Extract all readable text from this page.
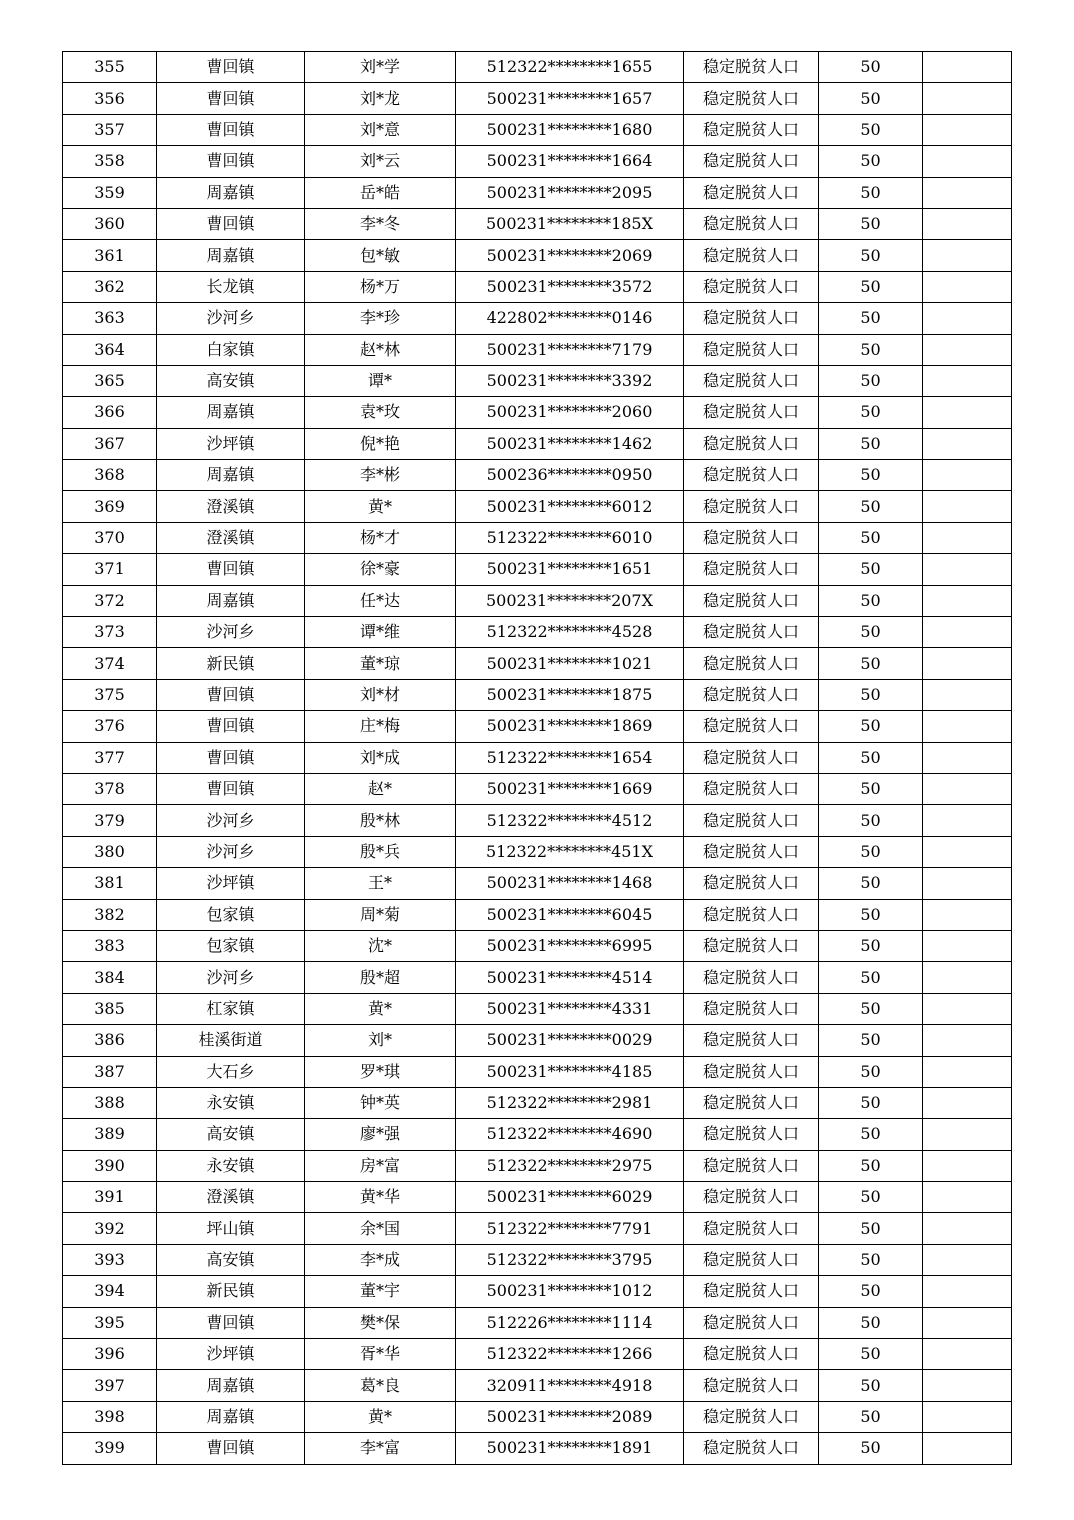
355	曹回镇	刘*学	512322********1655	稳定脱贫人口	50	
356	曹回镇	刘*龙	500231********1657	稳定脱贫人口	50	
357	曹回镇	刘*意	500231********1680	稳定脱贫人口	50	
358	曹回镇	刘*云	500231********1664	稳定脱贫人口	50	
359	周嘉镇	岳*皓	500231********2095	稳定脱贫人口	50	
360	曹回镇	李*冬	500231********185X	稳定脱贫人口	50	
361	周嘉镇	包*敏	500231********2069	稳定脱贫人口	50	
362	长龙镇	杨*万	500231********3572	稳定脱贫人口	50	
363	沙河乡	李*珍	422802********0146	稳定脱贫人口	50	
364	白家镇	赵*林	500231********7179	稳定脱贫人口	50	
365	高安镇	谭*	500231********3392	稳定脱贫人口	50	
366	周嘉镇	袁*玫	500231********2060	稳定脱贫人口	50	
367	沙坪镇	倪*艳	500231********1462	稳定脱贫人口	50	
368	周嘉镇	李*彬	500236********0950	稳定脱贫人口	50	
369	澄溪镇	黄*	500231********6012	稳定脱贫人口	50	
370	澄溪镇	杨*才	512322********6010	稳定脱贫人口	50	
371	曹回镇	徐*豪	500231********1651	稳定脱贫人口	50	
372	周嘉镇	任*达	500231********207X	稳定脱贫人口	50	
373	沙河乡	谭*维	512322********4528	稳定脱贫人口	50	
374	新民镇	董*琼	500231********1021	稳定脱贫人口	50	
375	曹回镇	刘*材	500231********1875	稳定脱贫人口	50	
376	曹回镇	庄*梅	500231********1869	稳定脱贫人口	50	
377	曹回镇	刘*成	512322********1654	稳定脱贫人口	50	
378	曹回镇	赵*	500231********1669	稳定脱贫人口	50	
379	沙河乡	殷*林	512322********4512	稳定脱贫人口	50	
380	沙河乡	殷*兵	512322********451X	稳定脱贫人口	50	
381	沙坪镇	王*	500231********1468	稳定脱贫人口	50	
382	包家镇	周*菊	500231********6045	稳定脱贫人口	50	
383	包家镇	沈*	500231********6995	稳定脱贫人口	50	
384	沙河乡	殷*超	500231********4514	稳定脱贫人口	50	
385	杠家镇	黄*	500231********4331	稳定脱贫人口	50	
386	桂溪街道	刘*	500231********0029	稳定脱贫人口	50	
387	大石乡	罗*琪	500231********4185	稳定脱贫人口	50	
388	永安镇	钟*英	512322********2981	稳定脱贫人口	50	
389	高安镇	廖*强	512322********4690	稳定脱贫人口	50	
390	永安镇	房*富	512322********2975	稳定脱贫人口	50	
391	澄溪镇	黄*华	500231********6029	稳定脱贫人口	50	
392	坪山镇	余*国	512322********7791	稳定脱贫人口	50	
393	高安镇	李*成	512322********3795	稳定脱贫人口	50	
394	新民镇	董*宇	500231********1012	稳定脱贫人口	50	
395	曹回镇	樊*保	512226********1114	稳定脱贫人口	50	
396	沙坪镇	胥*华	512322********1266	稳定脱贫人口	50	
397	周嘉镇	葛*良	320911********4918	稳定脱贫人口	50	
398	周嘉镇	黄*	500231********2089	稳定脱贫人口	50	
399	曹回镇	李*富	500231********1891	稳定脱贫人口	50	
